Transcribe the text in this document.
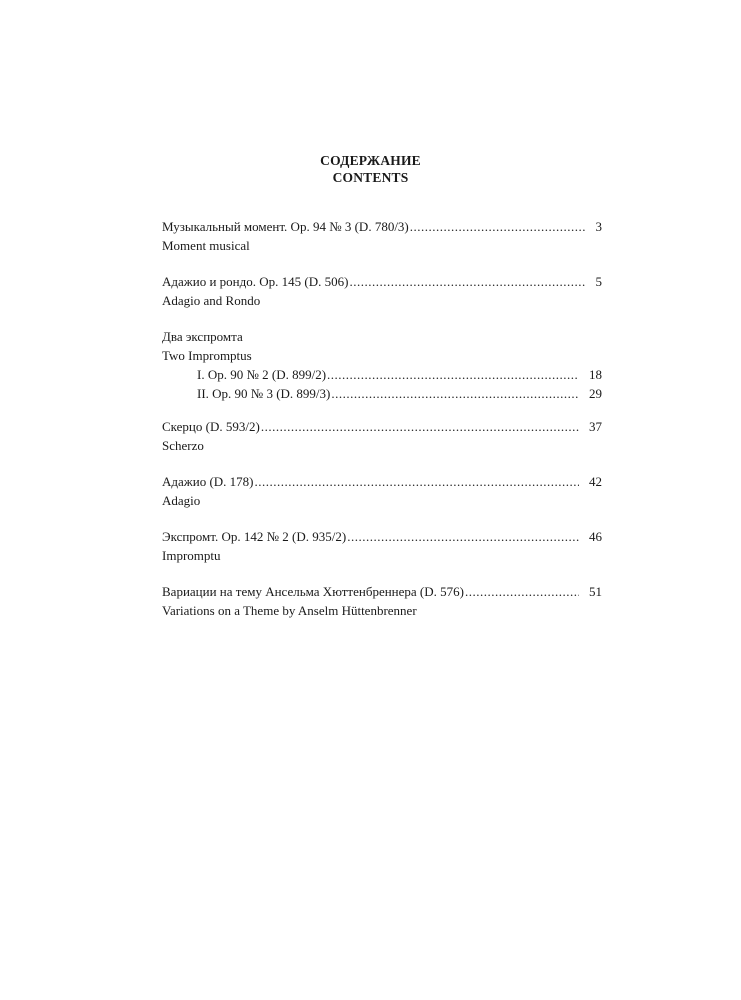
СОДЕРЖАНИЕ
CONTENTS
Музыкальный момент. Op. 94 № 3 (D. 780/3) .....	3
Moment musical
Адажио и рондо. Op. 145 (D. 506) .....	5
Adagio and Rondo
Два экспромта
Two Impromptus
I. Op. 90 № 2 (D. 899/2) .....	18
II. Op. 90 № 3 (D. 899/3) .....	29
Скерцо (D. 593/2) .....	37
Scherzo
Адажио (D. 178) .....	42
Adagio
Экспромт. Op. 142 № 2 (D. 935/2) .....	46
Impromptu
Вариации на тему Ансельма Хюттенбреннера (D. 576) .....	51
Variations on a Theme by Anselm Hüttenbrenner
